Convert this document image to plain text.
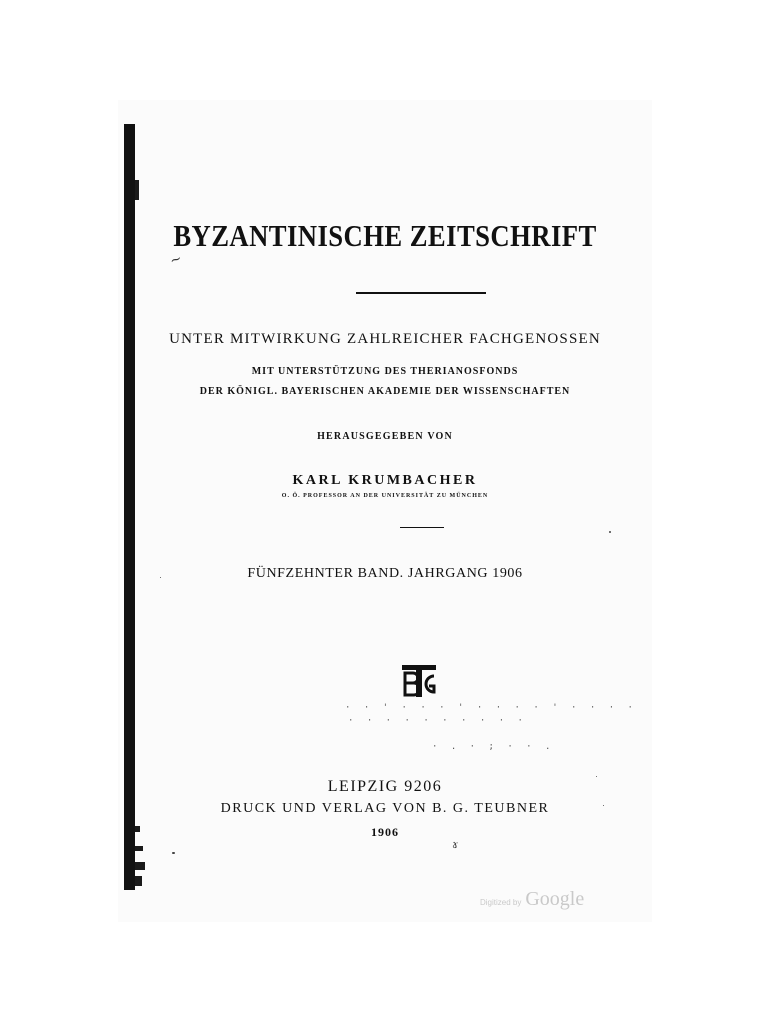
BYZANTINISCHE ZEITSCHRIFT
~
UNTER MITWIRKUNG ZAHLREICHER FACHGENOSSEN
MIT UNTERSTÜTZUNG DES THERIANOSFONDS
DER KÖNIGL. BAYERISCHEN AKADEMIE DER WISSENSCHAFTEN
HERAUSGEGEBEN VON
KARL KRUMBACHER
O. Ö. PROFESSOR AN DER UNIVERSITÄT ZU MÜNCHEN
FÜNFZEHNTER BAND. JAHRGANG 1906
· · ' · · · ' · · · · ' · · · ·
· · · · · · · · · ·
· . · ; · · .
LEIPZIG 9206
DRUCK UND VERLAG VON B. G. TEUBNER
1906
ɤ
Digitized by Google
